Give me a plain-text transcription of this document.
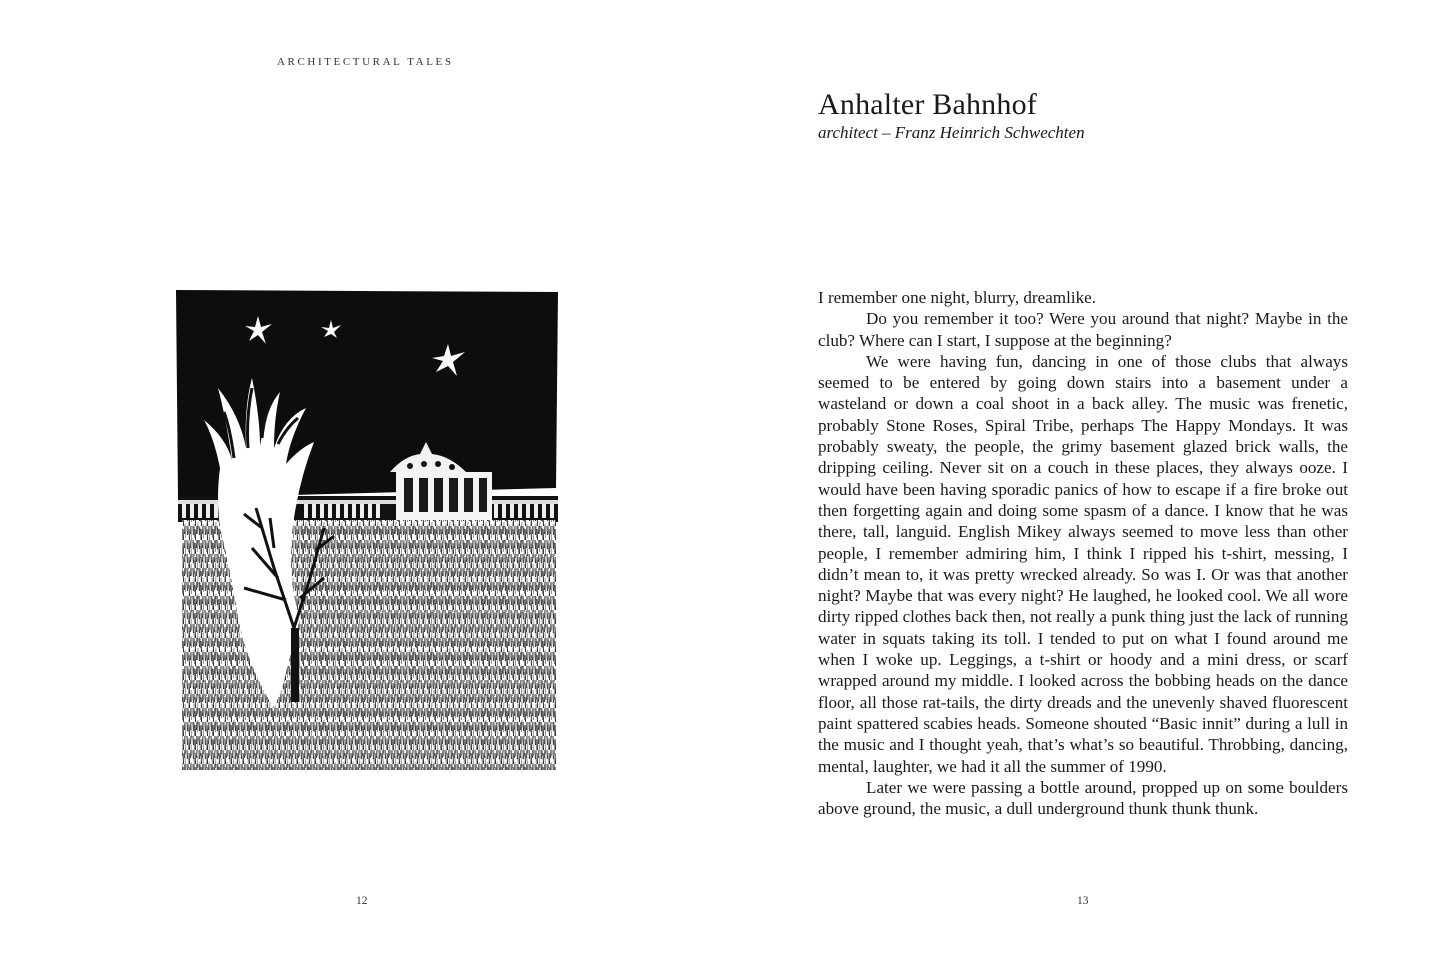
ARCHITECTURAL TALES
12
Anhalter Bahnhof
architect – Franz Heinrich Schwechten

I remember one night, blurry, dreamlike.

Do you remember it too? Were you around that night? Maybe in the club? Where can I start, I suppose at the beginning?

We were having fun, dancing in one of those clubs that always seemed to be entered by going down stairs into a basement under a wasteland or down a coal shoot in a back alley. The music was frenetic, probably Stone Roses, Spiral Tribe, perhaps The Happy Mondays. It was probably sweaty, the people, the grimy basement glazed brick walls, the dripping ceiling. Never sit on a couch in these places, they always ooze. I would have been having sporadic panics of how to escape if a fire broke out then forgetting again and doing some spasm of a dance. I know that he was there, tall, languid. English Mikey always seemed to move less than other people, I remember admiring him, I think I ripped his t-shirt, messing, I didn’t mean to, it was pretty wrecked already. So was I. Or was that another night? Maybe that was every night? He laughed, he looked cool. We all wore dirty ripped clothes back then, not really a punk thing just the lack of running water in squats taking its toll. I tended to put on what I found around me when I woke up. Leggings, a t-shirt or hoody and a mini dress, or scarf wrapped around my middle. I looked across the bobbing heads on the dance floor, all those rat-tails, the dirty dreads and the unevenly shaved fluorescent paint spattered scabies heads. Someone shouted “Basic innit” during a lull in the music and I thought yeah, that’s what’s so beautiful. Throbbing, dancing, mental, laughter, we had it all the summer of 1990.

Later we were passing a bottle around, propped up on some boulders above ground, the music, a dull underground thunk thunk thunk.

13
